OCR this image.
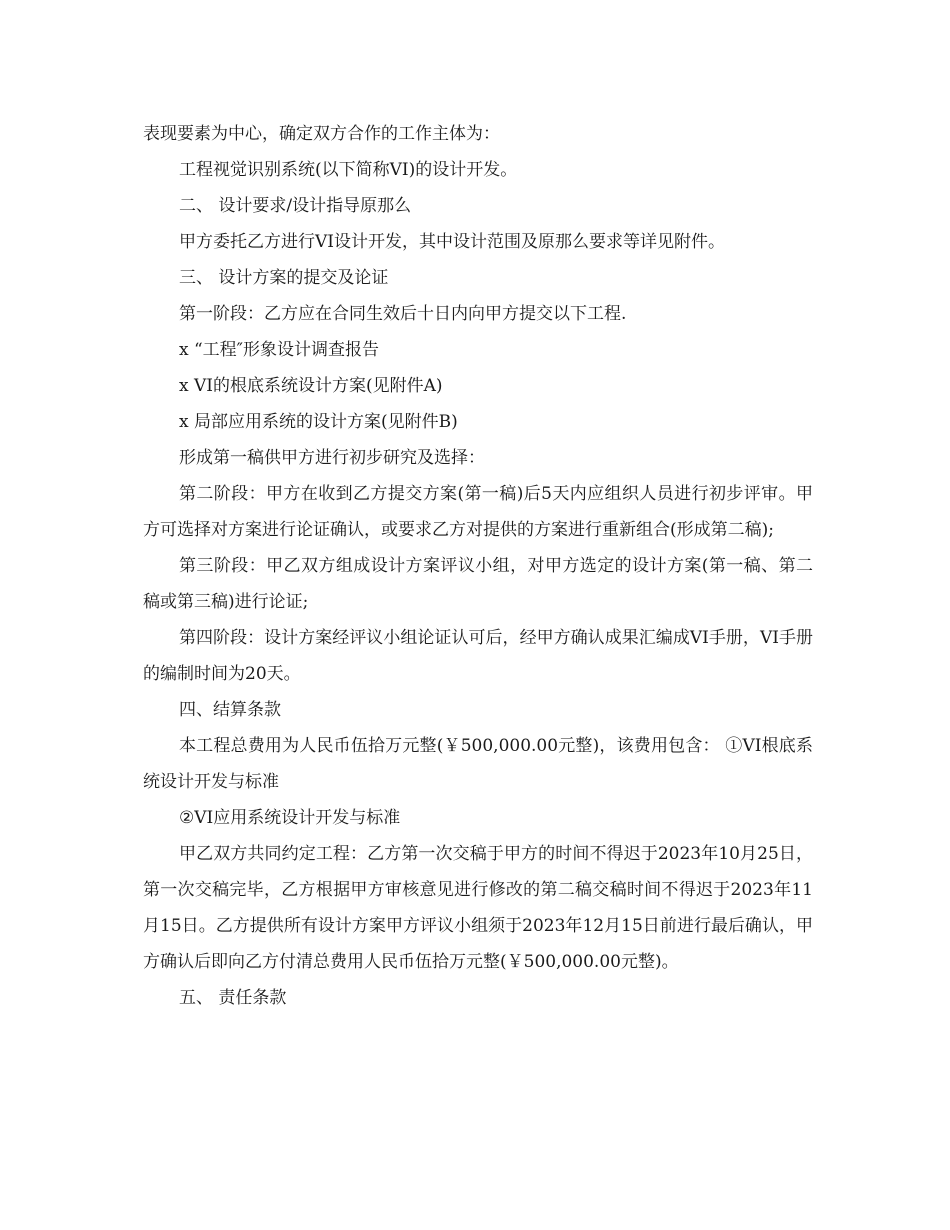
表现要素为中心，确定双方合作的工作主体为：

工程视觉识别系统(以下简称VI)的设计开发。

二、 设计要求/设计指导原那么

甲方委托乙方进行VI设计开发，其中设计范围及原那么要求等详见附件。

三、 设计方案的提交及论证

第一阶段：乙方应在合同生效后十日内向甲方提交以下工程.

x “工程″形象设计调查报告

x VI的根底系统设计方案(见附件A)

x 局部应用系统的设计方案(见附件B)

形成第一稿供甲方进行初步研究及选择：

第二阶段：甲方在收到乙方提交方案(第一稿)后5天内应组织人员进行初步评审。甲方可选择对方案进行论证确认，或要求乙方对提供的方案进行重新组合(形成第二稿);

第三阶段：甲乙双方组成设计方案评议小组，对甲方选定的设计方案(第一稿、第二稿或第三稿)进行论证;

第四阶段：设计方案经评议小组论证认可后，经甲方确认成果汇编成VI手册，VI手册的编制时间为20天。

四、结算条款

本工程总费用为人民币伍拾万元整(￥500,000.00元整)，该费用包含： ①VI根底系统设计开发与标准

②VI应用系统设计开发与标准

甲乙双方共同约定工程：乙方第一次交稿于甲方的时间不得迟于2023年10月25日，第一次交稿完毕，乙方根据甲方审核意见进行修改的第二稿交稿时间不得迟于2023年11月15日。乙方提供所有设计方案甲方评议小组须于2023年12月15日前进行最后确认，甲方确认后即向乙方付清总费用人民币伍拾万元整(￥500,000.00元整)。

五、 责任条款
